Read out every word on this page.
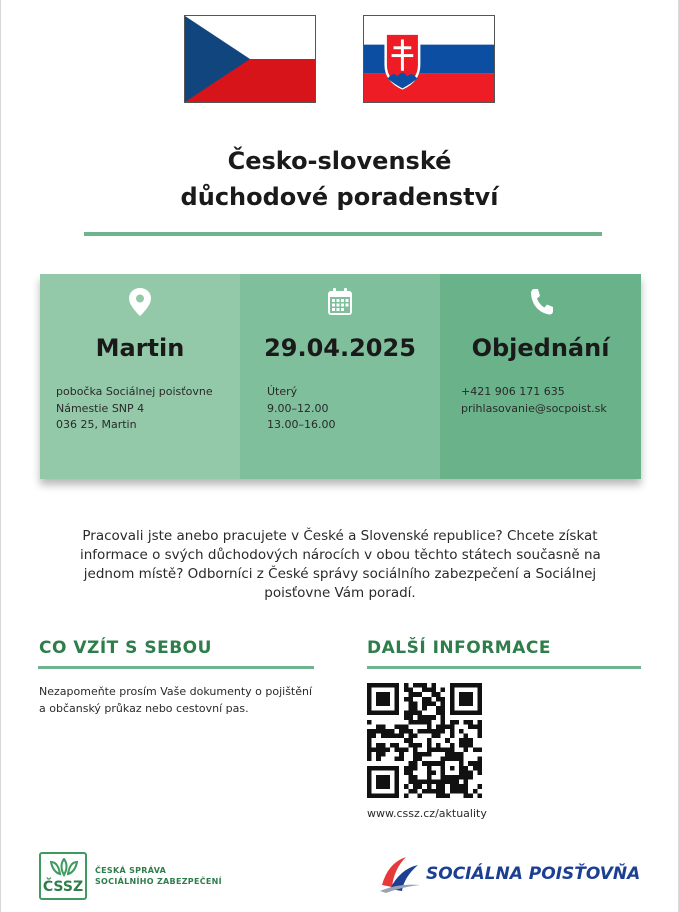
Česko-slovenské
důchodové poradenství
Martin
pobočka Sociálnej poisťovne
Námestie SNP 4
036 25, Martin
29.04.2025
Úterý
9.00–12.00
13.00–16.00
Objednání
+421 906 171 635
prihlasovanie@socpoist.sk
Pracovali jste anebo pracujete v České a Slovenské republice? Chcete získat
informace o svých důchodových nárocích v obou těchto státech současně na
jednom místě? Odborníci z České správy sociálního zabezpečení a Sociálnej
poisťovne Vám poradí.
CO VZÍT S SEBOU
Nezapomeňte prosím Vaše dokumenty o pojištění
a občanský průkaz nebo cestovní pas.
DALŠÍ INFORMACE
www.cssz.cz/aktuality
ČSSZ
ČESKÁ SPRÁVA
SOCIÁLNÍHO ZABEZPEČENÍ	SOCIÁLNA POISŤOVŇA
